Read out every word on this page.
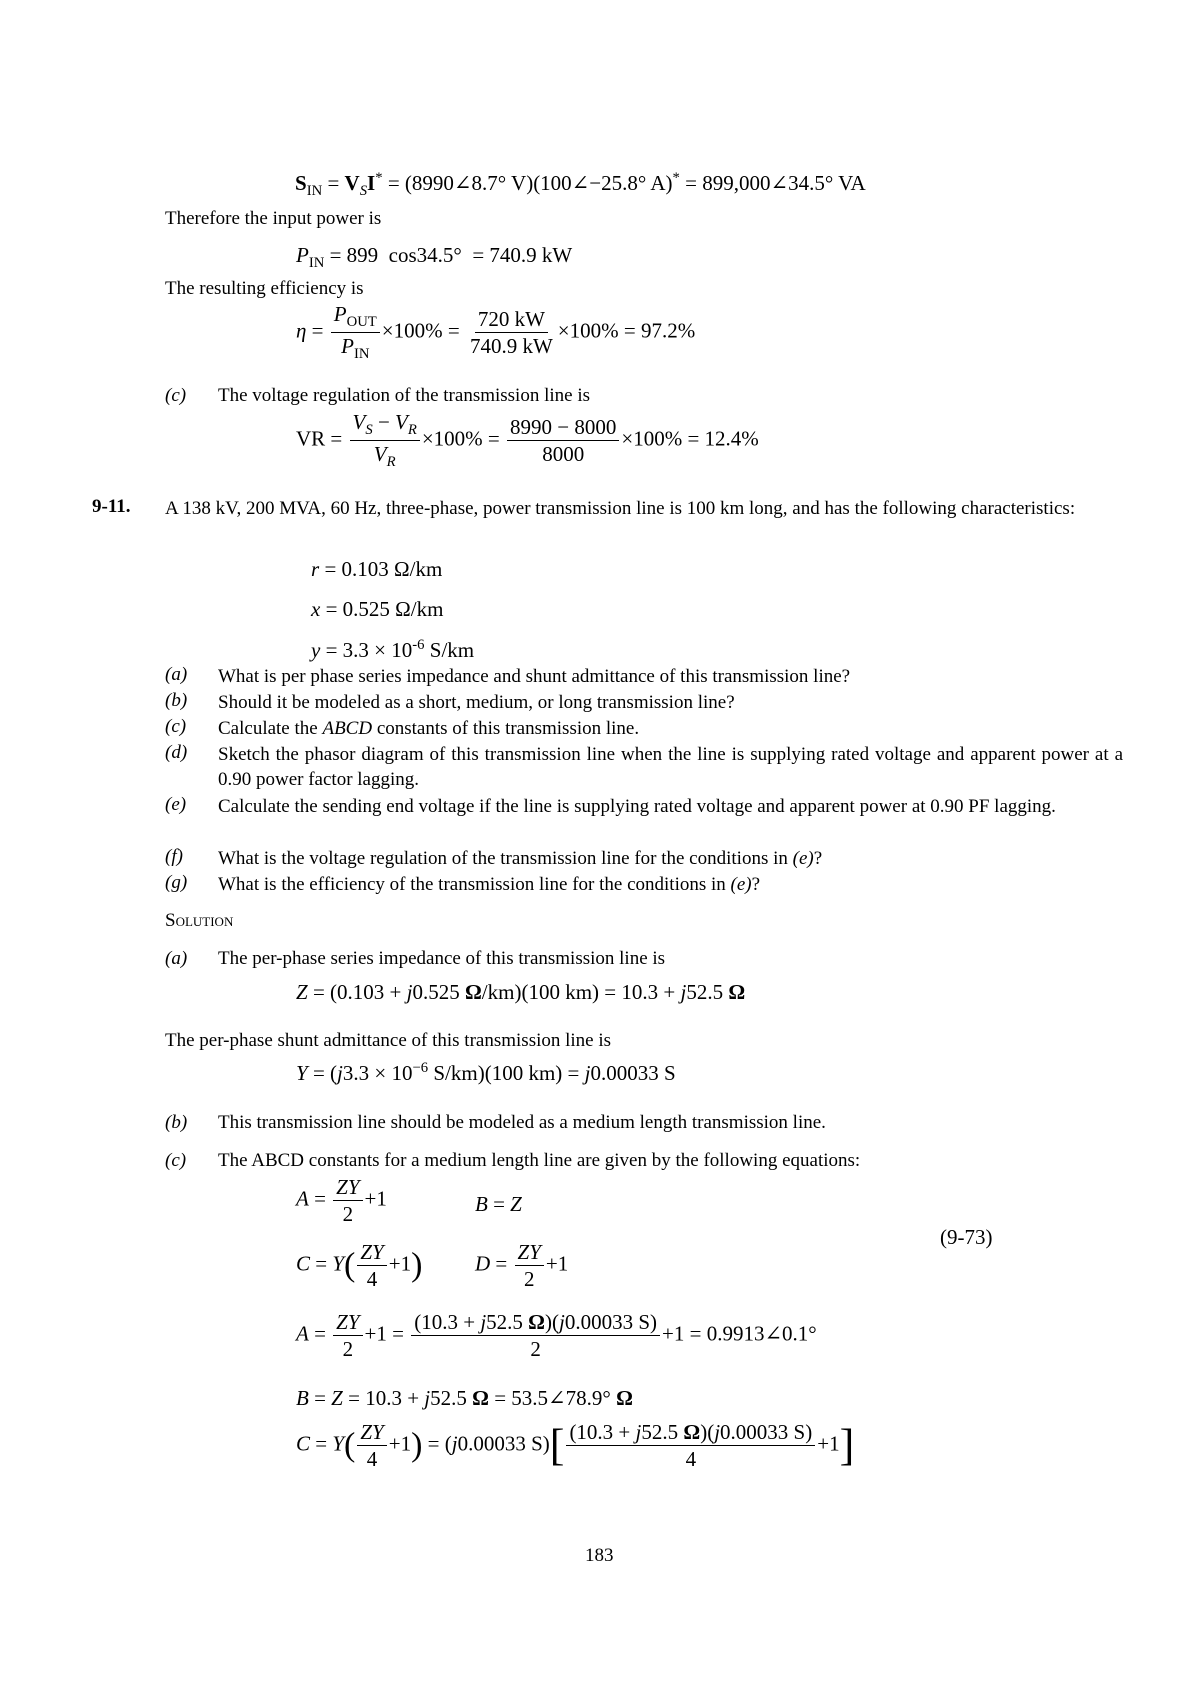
$S_{IN} = V_SI^*$ = (8990∠8.7° V)(100∠−25.8° A)* = 899,000∠34.5° VA
Therefore the input power is
$P_{IN} = 899$  cos34.5°  = 740.9 kW
The resulting efficiency is
$\eta = \frac{P_{OUT}}{P_{IN}} \times 100\% = \frac{720 kW}{740.9 kW} \times 100\% = 97.2\%$
(c) The voltage regulation of the transmission line is
VR = $\frac{V_S - V_R}{V_R} \times 100\% = \frac{8990 - 8000}{8000} \times 100\% = 12.4\%$
9-11. A 138 kV, 200 MVA, 60 Hz, three-phase, power transmission line is 100 km long, and has the following characteristics:
r = 0.103 Ω/km
x = 0.525 Ω/km
$y = 3.3 \times 10^{-6}$ S/km
(a) What is per phase series impedance and shunt admittance of this transmission line?
(b) Should it be modeled as a short, medium, or long transmission line?
(c) Calculate the ABCD constants of this transmission line.
(d) Sketch the phasor diagram of this transmission line when the line is supplying rated voltage and apparent power at a 0.90 power factor lagging.
(e) Calculate the sending end voltage if the line is supplying rated voltage and apparent power at 0.90 PF lagging.
(f) What is the voltage regulation of the transmission line for the conditions in (e)?
(g) What is the efficiency of the transmission line for the conditions in (e)?
Solution
(a) The per-phase series impedance of this transmission line is
Z = (0.103 + j0.525 Ω/km)(100 km) = 10.3 + j52.5 Ω
The per-phase shunt admittance of this transmission line is
$Y = (j3.3 \times 10^{-6}$ S/km)(100 km) = j0.00033 S
(b) This transmission line should be modeled as a medium length transmission line.
(c) The ABCD constants for a medium length line are given by the following equations:
$A = \frac{ZY}{2} +1$	B = Z
(9-73)
$C = Y( \frac{ZY}{4} +1)$	$D = \frac{ZY}{2} +1$
$A = \frac{ZY}{2} +1 = \frac{(10.3 + j52.5 \Omega)(j0.00033 S)}{2} +1$ = 0.9913∠0.1°
B = Z = 10.3 + j52.5 Ω = 53.5∠78.9° Ω
$C = Y( \frac{ZY}{4} +1) = (j0.00033$ $S)[ \frac{(10.3 + j52.5 \Omega)(j0.00033 S)}{4} +1]$
183
